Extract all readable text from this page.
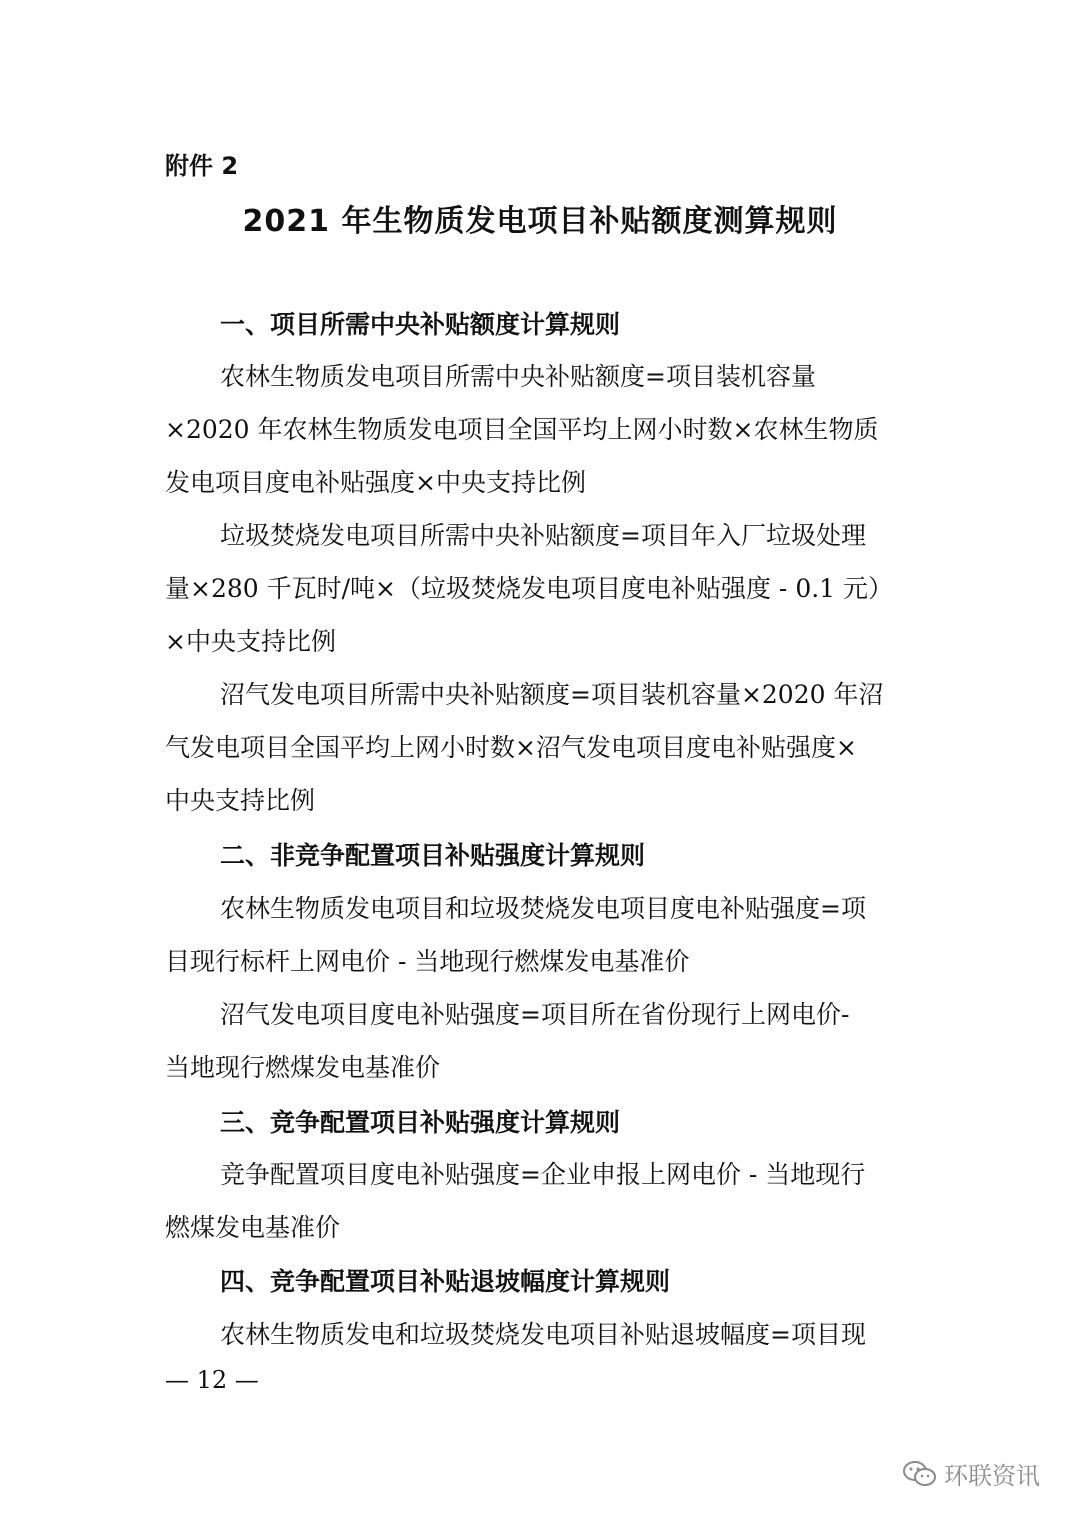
附件 2
2021 年生物质发电项目补贴额度测算规则
一、项目所需中央补贴额度计算规则
农林生物质发电项目所需中央补贴额度=项目装机容量
×2020 年农林生物质发电项目全国平均上网小时数×农林生物质
发电项目度电补贴强度×中央支持比例
垃圾焚烧发电项目所需中央补贴额度=项目年入厂垃圾处理
量×280 千瓦时/吨×（垃圾焚烧发电项目度电补贴强度 - 0.1 元）
×中央支持比例
沼气发电项目所需中央补贴额度=项目装机容量×2020 年沼
气发电项目全国平均上网小时数×沼气发电项目度电补贴强度×
中央支持比例
二、非竞争配置项目补贴强度计算规则
农林生物质发电项目和垃圾焚烧发电项目度电补贴强度=项
目现行标杆上网电价 - 当地现行燃煤发电基准价
沼气发电项目度电补贴强度=项目所在省份现行上网电价-
当地现行燃煤发电基准价
三、竞争配置项目补贴强度计算规则
竞争配置项目度电补贴强度=企业申报上网电价 - 当地现行
燃煤发电基准价
四、竞争配置项目补贴退坡幅度计算规则
农林生物质发电和垃圾焚烧发电项目补贴退坡幅度=项目现
— 12 —
环联资讯
